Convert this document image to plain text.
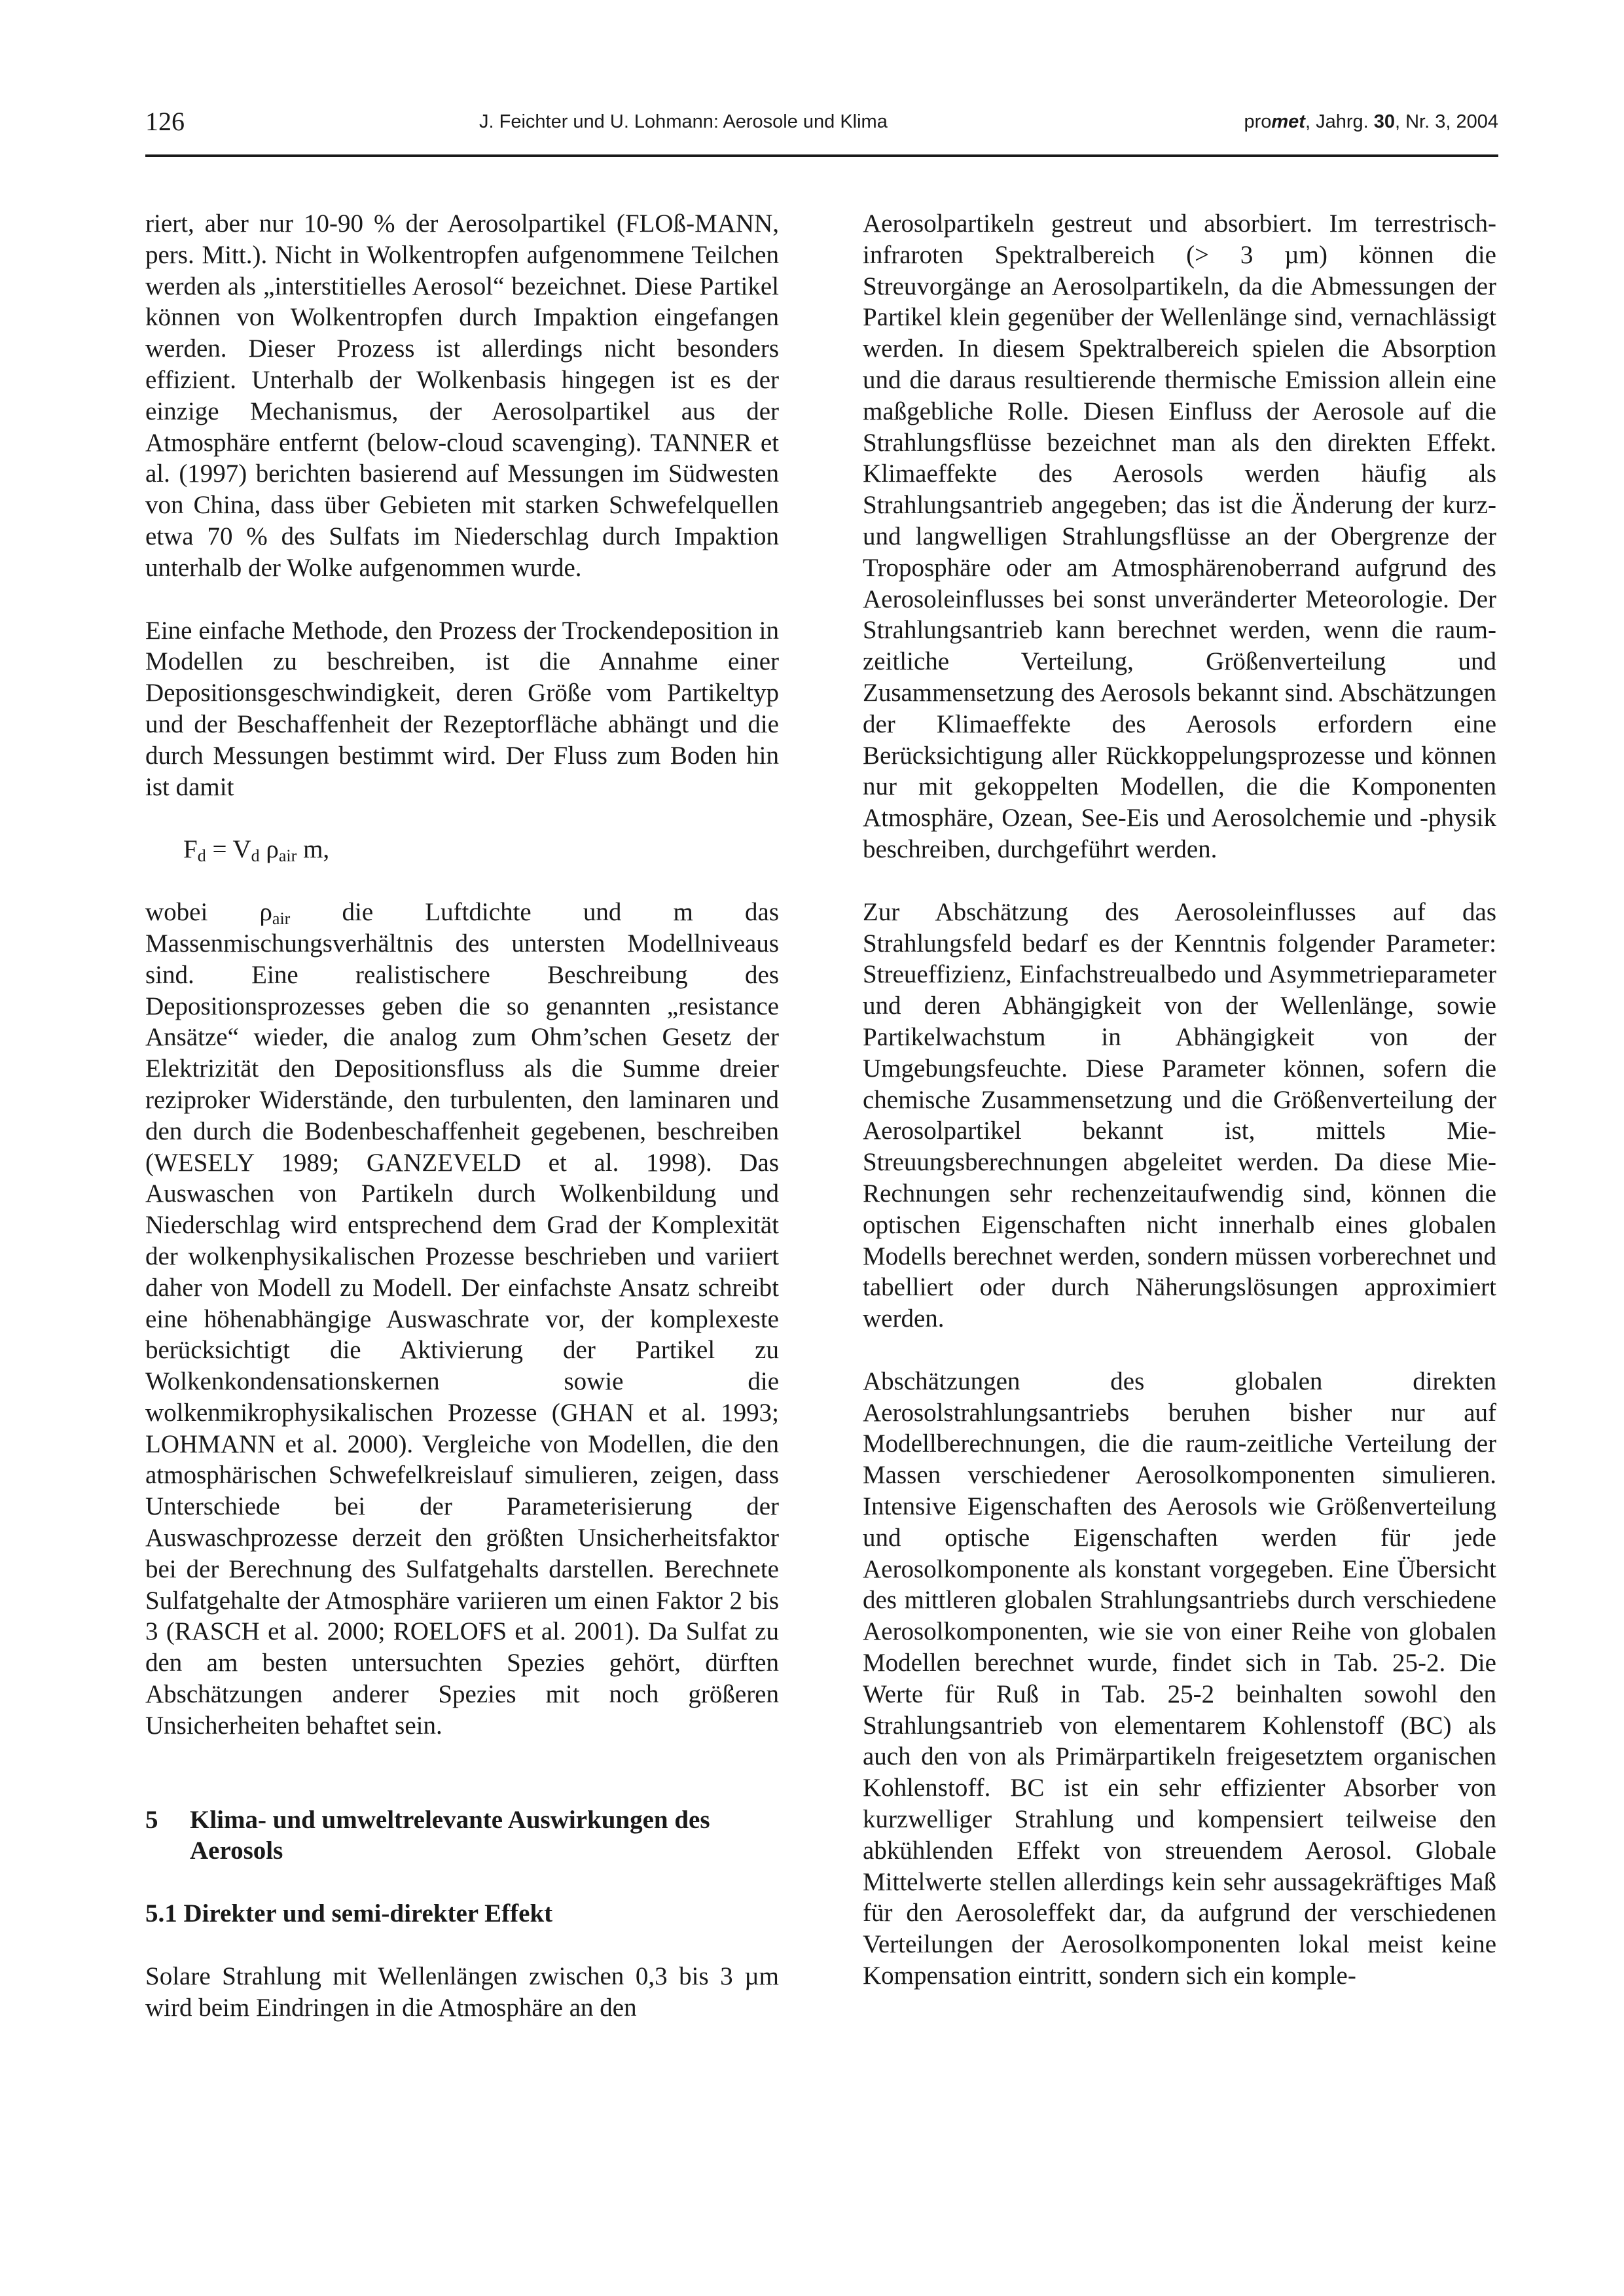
126	J. Feichter und U. Lohmann: Aerosole und Klima	promet, Jahrg. 30, Nr. 3, 2004

riert, aber nur 10-90 % der Aerosolpartikel (FLOß-MANN, pers. Mitt.). Nicht in Wolkentropfen aufgenommene Teilchen werden als „interstitielles Aerosol“ bezeichnet. Diese Partikel können von Wolkentropfen durch Impaktion eingefangen werden. Dieser Prozess ist allerdings nicht besonders effizient. Unterhalb der Wolkenbasis hingegen ist es der einzige Mechanismus, der Aerosolpartikel aus der Atmosphäre entfernt (below-cloud scavenging). TANNER et al. (1997) berichten basierend auf Messungen im Südwesten von China, dass über Gebieten mit starken Schwefelquellen etwa 70 % des Sulfats im Niederschlag durch Impaktion unterhalb der Wolke aufgenommen wurde.

Eine einfache Methode, den Prozess der Trockendeposition in Modellen zu beschreiben, ist die Annahme einer Depositionsgeschwindigkeit, deren Größe vom Partikeltyp und der Beschaffenheit der Rezeptorfläche abhängt und die durch Messungen bestimmt wird. Der Fluss zum Boden hin ist damit

$F_d = V_d$ $\rho_{air}$ m,

wobei $\rho_{air}$ die Luftdichte und m das Massenmischungsverhältnis des untersten Modellniveaus sind. Eine realistischere Beschreibung des Depositionsprozesses geben die so genannten „resistance Ansätze“ wieder, die analog zum Ohm’schen Gesetz der Elektrizität den Depositionsfluss als die Summe dreier reziproker Widerstände, den turbulenten, den laminaren und den durch die Bodenbeschaffenheit gegebenen, beschreiben (WESELY 1989; GANZEVELD et al. 1998). Das Auswaschen von Partikeln durch Wolkenbildung und Niederschlag wird entsprechend dem Grad der Komplexität der wolkenphysikalischen Prozesse beschrieben und variiert daher von Modell zu Modell. Der einfachste Ansatz schreibt eine höhenabhängige Auswaschrate vor, der komplexeste berücksichtigt die Aktivierung der Partikel zu Wolkenkondensationskernen sowie die wolkenmikrophysikalischen Prozesse (GHAN et al. 1993; LOHMANN et al. 2000). Vergleiche von Modellen, die den atmosphärischen Schwefelkreislauf simulieren, zeigen, dass Unterschiede bei der Parameterisierung der Auswaschprozesse derzeit den größten Unsicherheitsfaktor bei der Berechnung des Sulfatgehalts darstellen. Berechnete Sulfatgehalte der Atmosphäre variieren um einen Faktor 2 bis 3 (RASCH et al. 2000; ROELOFS et al. 2001). Da Sulfat zu den am besten untersuchten Spezies gehört, dürften Abschätzungen anderer Spezies mit noch größeren Unsicherheiten behaftet sein.

5	Klima- und umweltrelevante Auswirkungen des Aerosols
5.1 Direkter und semi-direkter Effekt

Solare Strahlung mit Wellenlängen zwischen 0,3 bis 3 µm wird beim Eindringen in die Atmosphäre an den

Aerosolpartikeln gestreut und absorbiert. Im terrestrisch-infraroten Spektralbereich (> 3 µm) können die Streuvorgänge an Aerosolpartikeln, da die Abmessungen der Partikel klein gegenüber der Wellenlänge sind, vernachlässigt werden. In diesem Spektralbereich spielen die Absorption und die daraus resultierende thermische Emission allein eine maßgebliche Rolle. Diesen Einfluss der Aerosole auf die Strahlungsflüsse bezeichnet man als den direkten Effekt. Klimaeffekte des Aerosols werden häufig als Strahlungsantrieb angegeben; das ist die Änderung der kurz- und langwelligen Strahlungsflüsse an der Obergrenze der Troposphäre oder am Atmosphärenoberrand aufgrund des Aerosoleinflusses bei sonst unveränderter Meteorologie. Der Strahlungsantrieb kann berechnet werden, wenn die raum-zeitliche Verteilung, Größenverteilung und Zusammensetzung des Aerosols bekannt sind. Abschätzungen der Klimaeffekte des Aerosols erfordern eine Berücksichtigung aller Rückkoppelungsprozesse und können nur mit gekoppelten Modellen, die die Komponenten Atmosphäre, Ozean, See-Eis und Aerosolchemie und -physik beschreiben, durchgeführt werden.

Zur Abschätzung des Aerosoleinflusses auf das Strahlungsfeld bedarf es der Kenntnis folgender Parameter: Streueffizienz, Einfachstreualbedo und Asymmetrieparameter und deren Abhängigkeit von der Wellenlänge, sowie Partikelwachstum in Abhängigkeit von der Umgebungsfeuchte. Diese Parameter können, sofern die chemische Zusammensetzung und die Größenverteilung der Aerosolpartikel bekannt ist, mittels Mie-Streuungsberechnungen abgeleitet werden. Da diese Mie-Rechnungen sehr rechenzeitaufwendig sind, können die optischen Eigenschaften nicht innerhalb eines globalen Modells berechnet werden, sondern müssen vorberechnet und tabelliert oder durch Näherungslösungen approximiert werden.

Abschätzungen des globalen direkten Aerosolstrahlungsantriebs beruhen bisher nur auf Modellberechnungen, die die raum-zeitliche Verteilung der Massen verschiedener Aerosolkomponenten simulieren. Intensive Eigenschaften des Aerosols wie Größenverteilung und optische Eigenschaften werden für jede Aerosolkomponente als konstant vorgegeben. Eine Übersicht des mittleren globalen Strahlungsantriebs durch verschiedene Aerosolkomponenten, wie sie von einer Reihe von globalen Modellen berechnet wurde, findet sich in Tab. 25-2. Die Werte für Ruß in Tab. 25-2 beinhalten sowohl den Strahlungsantrieb von elementarem Kohlenstoff (BC) als auch den von als Primärpartikeln freigesetztem organischen Kohlenstoff. BC ist ein sehr effizienter Absorber von kurzwelliger Strahlung und kompensiert teilweise den abkühlenden Effekt von streuendem Aerosol. Globale Mittelwerte stellen allerdings kein sehr aussagekräftiges Maß für den Aerosoleffekt dar, da aufgrund der verschiedenen Verteilungen der Aerosolkomponenten lokal meist keine Kompensation eintritt, sondern sich ein komple-
